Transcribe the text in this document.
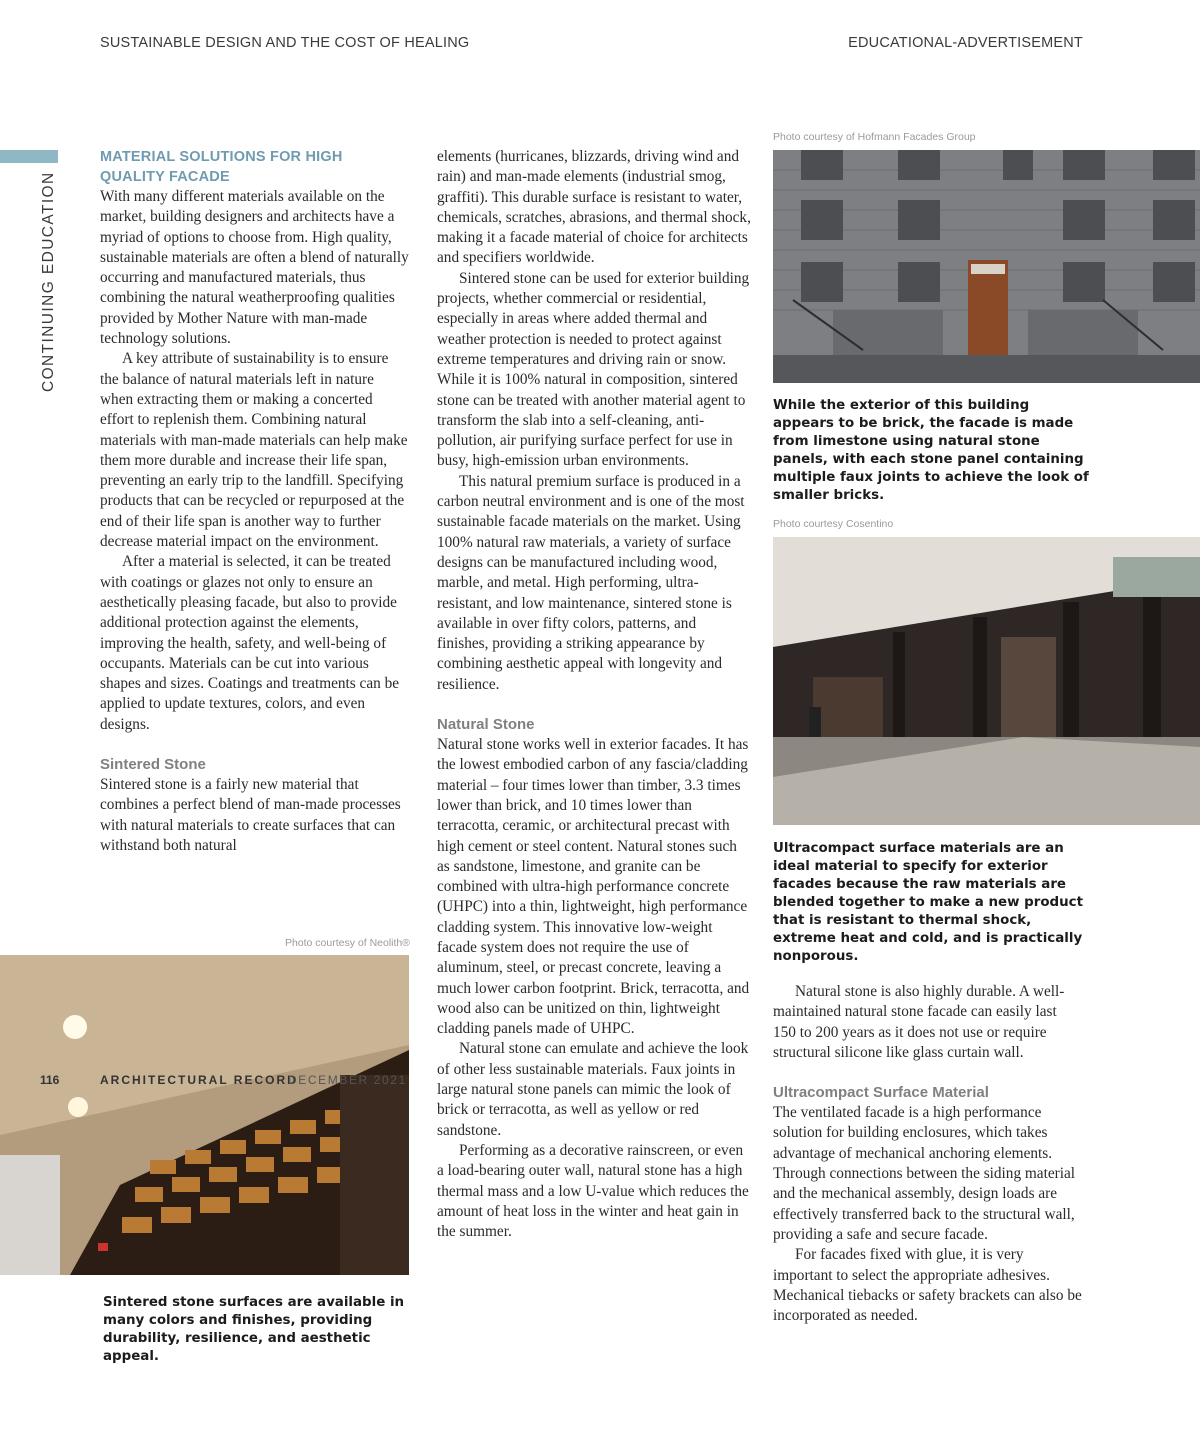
SUSTAINABLE DESIGN AND THE COST OF HEALING	EDUCATIONAL-ADVERTISEMENT
CONTINUING EDUCATION
MATERIAL SOLUTIONS FOR HIGH QUALITY FACADE

With many different materials available on the market, building designers and architects have a myriad of options to choose from. High quality, sustainable materials are often a blend of naturally occurring and manufactured materials, thus combining the natural weatherproofing qualities provided by Mother Nature with man-made technology solutions.

A key attribute of sustainability is to ensure the balance of natural materials left in nature when extracting them or making a concerted effort to replenish them. Combining natural materials with man-made materials can help make them more durable and increase their life span, preventing an early trip to the landfill. Specifying products that can be recycled or repurposed at the end of their life span is another way to further decrease material impact on the environment.

After a material is selected, it can be treated with coatings or glazes not only to ensure an aesthetically pleasing facade, but also to provide additional protection against the elements, improving the health, safety, and well-being of occupants. Materials can be cut into various shapes and sizes. Coatings and treatments can be applied to update textures, colors, and even designs.

Sintered Stone

Sintered stone is a fairly new material that combines a perfect blend of man-made processes with natural materials to create surfaces that can withstand both natural

Photo courtesy of Neolith®
Sintered stone surfaces are available in many colors and finishes, providing durability, resilience, and aesthetic appeal.

elements (hurricanes, blizzards, driving wind and rain) and man-made elements (industrial smog, graffiti). This durable surface is resistant to water, chemicals, scratches, abrasions, and thermal shock, making it a facade material of choice for architects and specifiers worldwide.

Sintered stone can be used for exterior building projects, whether commercial or residential, especially in areas where added thermal and weather protection is needed to protect against extreme temperatures and driving rain or snow. While it is 100% natural in composition, sintered stone can be treated with another material agent to transform the slab into a self-cleaning, anti-pollution, air purifying surface perfect for use in busy, high-emission urban environments.

This natural premium surface is produced in a carbon neutral environment and is one of the most sustainable facade materials on the market. Using 100% natural raw materials, a variety of surface designs can be manufactured including wood, marble, and metal. High performing, ultra-resistant, and low maintenance, sintered stone is available in over fifty colors, patterns, and finishes, providing a striking appearance by combining aesthetic appeal with longevity and resilience.

Natural Stone

Natural stone works well in exterior facades. It has the lowest embodied carbon of any fascia/cladding material – four times lower than timber, 3.3 times lower than brick, and 10 times lower than terracotta, ceramic, or architectural precast with high cement or steel content. Natural stones such as sandstone, limestone, and granite can be combined with ultra-high performance concrete (UHPC) into a thin, lightweight, high performance cladding system. This innovative low-weight facade system does not require the use of aluminum, steel, or precast concrete, leaving a much lower carbon footprint. Brick, terracotta, and wood also can be unitized on thin, lightweight cladding panels made of UHPC.

Natural stone can emulate and achieve the look of other less sustainable materials. Faux joints in large natural stone panels can mimic the look of brick or terracotta, as well as yellow or red sandstone.

Performing as a decorative rainscreen, or even a load-bearing outer wall, natural stone has a high thermal mass and a low U-value which reduces the amount of heat loss in the winter and heat gain in the summer.

Photo courtesy of Hofmann Facades Group
While the exterior of this building appears to be brick, the facade is made from limestone using natural stone panels, with each stone panel containing multiple faux joints to achieve the look of smaller bricks.
Photo courtesy Cosentino
Ultracompact surface materials are an ideal material to specify for exterior facades because the raw materials are blended together to make a new product that is resistant to thermal shock, extreme heat and cold, and is practically nonporous.

Natural stone is also highly durable. A well-maintained natural stone facade can easily last 150 to 200 years as it does not use or require structural silicone like glass curtain wall.

Ultracompact Surface Material

The ventilated facade is a high performance solution for building enclosures, which takes advantage of mechanical anchoring elements. Through connections between the siding material and the mechanical assembly, design loads are effectively transferred back to the structural wall, providing a safe and secure facade.

For facades fixed with glue, it is very important to select the appropriate adhesives. Mechanical tiebacks or safety brackets can also be incorporated as needed.

116	ARCHITECTURAL RECORD
DECEMBER 2021
